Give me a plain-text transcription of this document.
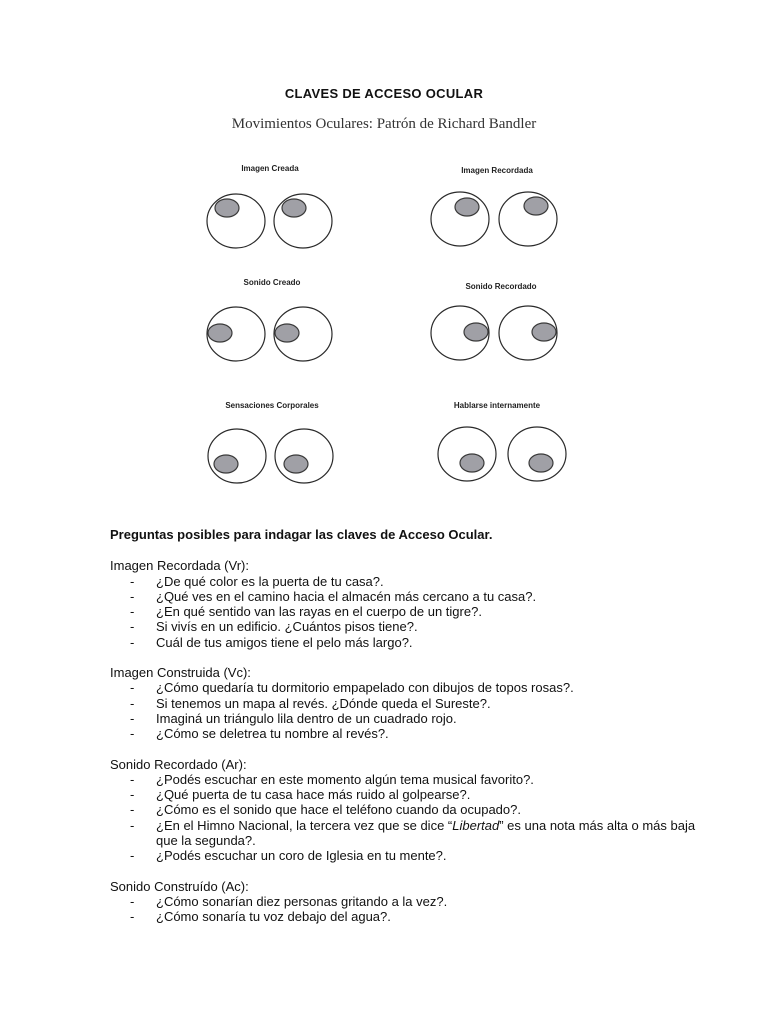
CLAVES DE ACCESO OCULAR
Movimientos Oculares: Patrón de Richard Bandler
Imagen Creada	Imagen Recordada
Sonido Creado	Sonido Recordado
Sensaciones Corporales	Hablarse internamente
Preguntas posibles para indagar las claves de Acceso Ocular.
Imagen Recordada (Vr):
-	¿De qué color es la puerta de tu casa?.
-	¿Qué ves en el camino hacia el almacén más cercano a tu casa?.
-	¿En qué sentido van las rayas en el cuerpo de un tigre?.
-	Si vivís en un edificio. ¿Cuántos pisos tiene?.
-	Cuál de tus amigos tiene el pelo más largo?.
Imagen Construida (Vc):
-	¿Cómo quedaría tu dormitorio empapelado con dibujos de topos rosas?.
-	Si tenemos un mapa al revés. ¿Dónde queda el Sureste?.
-	Imaginá un triángulo lila dentro de un cuadrado rojo.
-	¿Cómo se deletrea tu nombre al revés?.
Sonido Recordado (Ar):
-	¿Podés escuchar en este momento algún tema musical favorito?.
-	¿Qué puerta de tu casa hace más ruido al golpearse?.
-	¿Cómo es el sonido que hace el teléfono cuando da ocupado?.
-	¿En el Himno Nacional, la tercera vez que se dice “Libertad” es una nota más alta o más baja que la segunda?.
-	¿Podés escuchar un coro de Iglesia en tu mente?.
Sonido Construído (Ac):
-	¿Cómo sonarían diez personas gritando a la vez?.
-	¿Cómo sonaría tu voz debajo del agua?.
